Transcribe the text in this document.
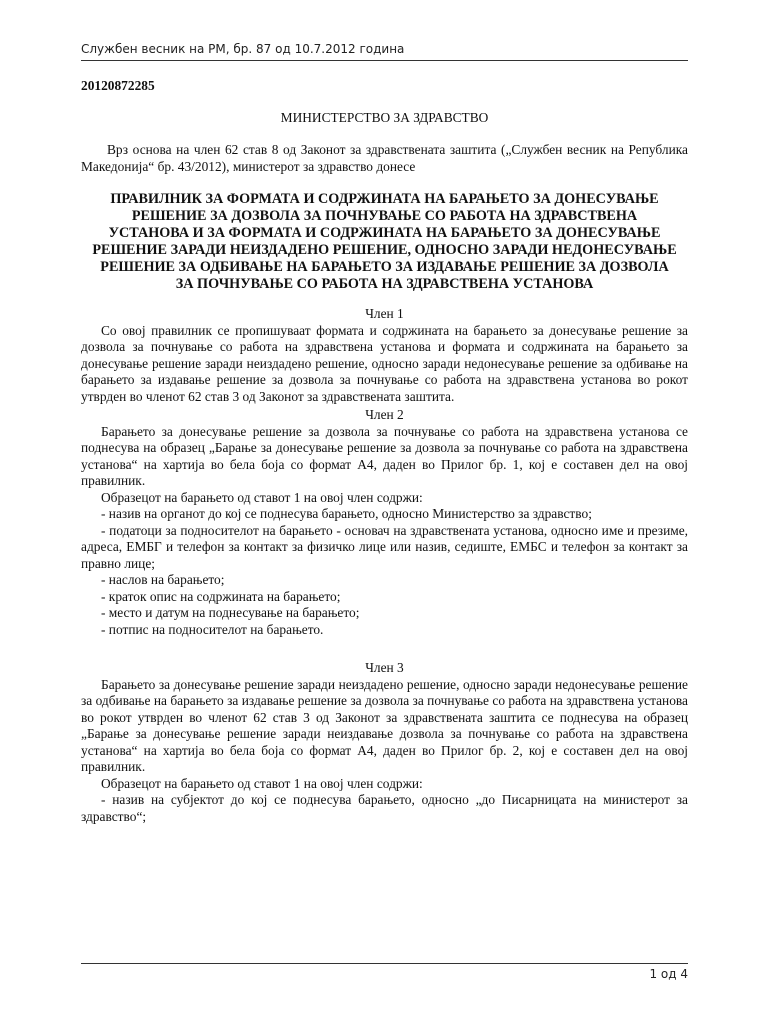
Службен весник на РМ, бр. 87 од 10.7.2012 година
20120872285
МИНИСТЕРСТВО ЗА ЗДРАВСТВО

Врз основа на член 62 став 8 од Законот за здравствената заштита („Службен весник на Република Македонија“ бр. 43/2012), министерот за здравство донесе

ПРАВИЛНИК ЗА ФОРМАТА И СОДРЖИНАТА НА БАРАЊЕТО ЗА ДОНЕСУВАЊЕ РЕШЕНИЕ ЗА ДОЗВОЛА ЗА ПОЧНУВАЊЕ СО РАБОТА НА ЗДРАВСТВЕНА УСТАНОВА И ЗА ФОРМАТА И СОДРЖИНАТА НА БАРАЊЕТО ЗА ДОНЕСУВАЊЕ РЕШЕНИЕ ЗАРАДИ НЕИЗДАДЕНО РЕШЕНИЕ, ОДНОСНО ЗАРАДИ НЕДОНЕСУВАЊЕ РЕШЕНИЕ ЗА ОДБИВАЊЕ НА БАРАЊЕТО ЗА ИЗДАВАЊЕ РЕШЕНИЕ ЗА ДОЗВОЛА ЗА ПОЧНУВАЊЕ СО РАБОТА НА ЗДРАВСТВЕНА УСТАНОВА
Член 1

Со овој правилник се пропишуваат формата и содржината на барањето за донесување решение за дозвола за почнување со работа на здравствена установа и формата и содржината на барањето за донесување решение заради неиздадено решение, односно заради недонесување решение за одбивање на барањето за издавање решение за дозвола за почнување со работа на здравствена установа во рокот утврден во членот 62 став 3 од Законот за здравствената заштита.

Член 2

Барањето за донесување решение за дозвола за почнување со работа на здравствена установа се поднесува на образец „Барање за донесување решение за дозвола за почнување со работа на здравствена установа“ на хартија во бела боја со формат А4, даден во Прилог бр. 1, кој е составен дел на овој правилник.

Образецот на барањето од ставот 1 на овој член содржи:

- назив на органот до кој се поднесува барањето, односно Министерство за здравство;

- податоци за подносителот на барањето - основач на здравствената установа, односно име и презиме, адреса, ЕМБГ и телефон за контакт за физичко лице или назив, седиште, ЕМБС и телефон за контакт за правно лице;

- наслов на барањето;

- краток опис на содржината на барањето;

- место и датум на поднесување на барањето;

- потпис на подносителот на барањето.

Член 3

Барањето за донесување решение заради неиздадено решение, односно заради недонесување решение за одбивање на барањето за издавање решение за дозвола за почнување со работа на здравствена установа во рокот утврден во членот 62 став 3 од Законот за здравствената заштита се поднесува на образец „Барање за донесување решение заради неиздавање дозвола за почнување со работа на здравствена установа“ на хартија во бела боја со формат А4, даден во Прилог бр. 2, кој е составен дел на овој правилник.

Образецот на барањето од ставот 1 на овој член содржи:

- назив на субјектот до кој се поднесува барањето, односно „до Писарницата на министерот за здравство“;

1 од 4
